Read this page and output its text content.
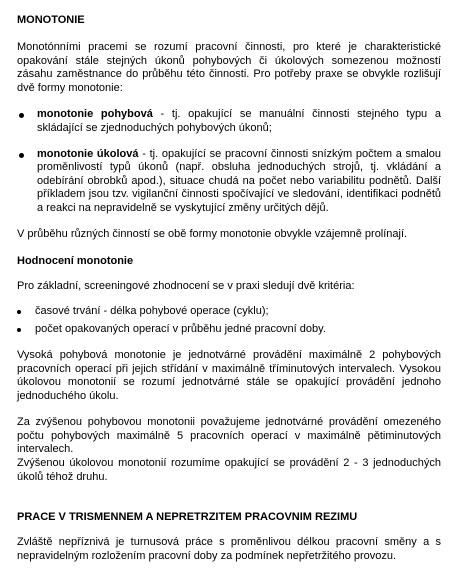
MONOTONIE

Monotónními pracemi se rozumí pracovní činnosti, pro které je charakteristické opakování stále stejných úkonů pohybových či úkolových somezenou možností zásahu zaměstnance do průběhu této činnosti. Pro potřeby praxe se obvykle rozlišují dvě formy monotonie:

monotonie pohybová - tj. opakující se manuální činnosti stejného typu a skládající se zjednoduchých pohybových úkonů;
monotonie úkolová - tj. opakující se pracovní činnosti snízkým počtem a smalou proměnlivostí typů úkonů (např. obsluha jednoduchých strojů, tj. vkládání a odebírání obrobků apod.), situace chudá na počet nebo variabilitu podnětů. Další příkladem jsou tzv. vigilanční činnosti spočívající ve sledování, identifikaci podnětů a reakci na nepravidelně se vyskytující změny určitých dějů.

V průběhu různých činností se obě formy monotonie obvykle vzájemně prolínají.

Hodnocení monotonie

Pro základní, screeningové zhodnocení se v praxi sledují dvě kritéria:

časové trvání - délka pohybové operace (cyklu);
počet opakovaných operací v průběhu jedné pracovní doby.

Vysoká pohybová monotonie je jednotvárné provádění maximálně 2 pohybových pracovních operací při jejich střídání v maximálně tříminutových intervalech. Vysokou úkolovou monotonií se rozumí jednotvárné stále se opakující provádění jednoho jednoduchého úkolu.

Za zvýšenou pohybovou monotonii považujeme jednotvárné provádění omezeného počtu pohybových maximálně 5 pracovních operací v maximálně pětiminutových intervalech.

Zvýšenou úkolovou monotonií rozumíme opakující se provádění 2 - 3 jednoduchých úkolů téhož druhu.

PRACE V TRISMENNEM A NEPRETRZITEM PRACOVNIM REZIMU

Zvláště nepříznivá je turnusová práce s proměnlivou délkou pracovní směny a s nepravidelným rozložením pracovní doby za podmínek nepřetržitého provozu.
